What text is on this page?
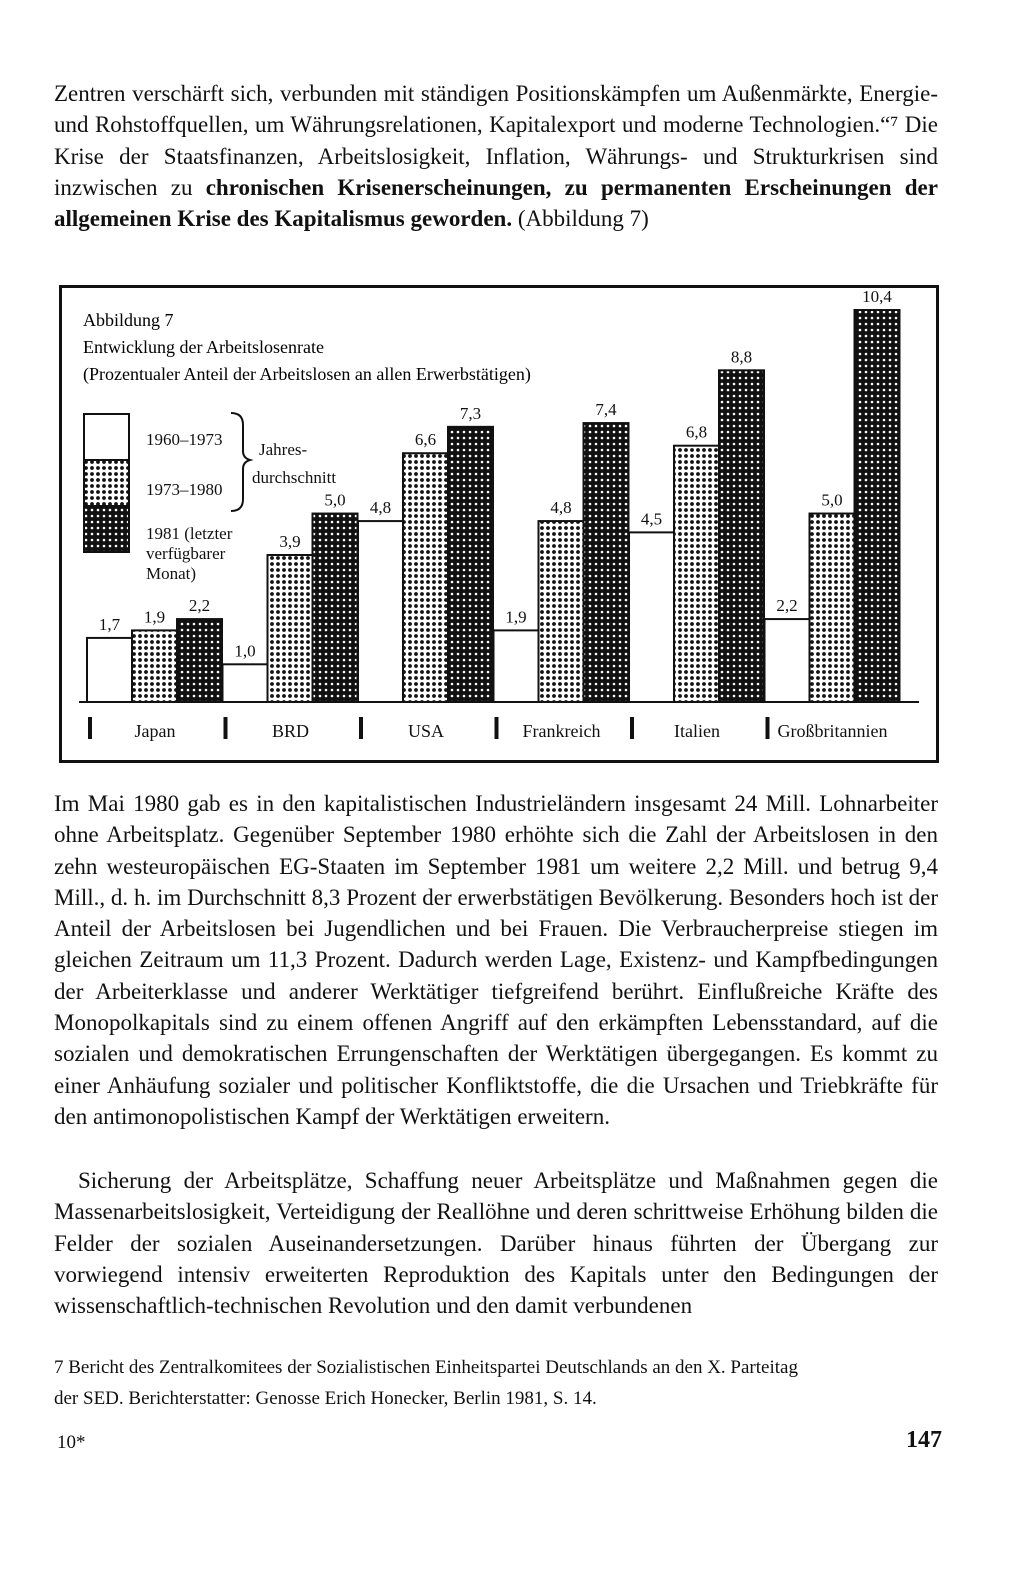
Zentren verschärft sich, verbunden mit ständigen Positionskämpfen um Außenmärkte, Energie- und Rohstoffquellen, um Währungsrelationen, Kapitalexport und moderne Technologien.“⁷ Die Krise der Staatsfinanzen, Arbeitslosigkeit, Inflation, Währungs- und Strukturkrisen sind inzwischen zu chronischen Krisenerscheinungen, zu permanenten Erscheinungen der allgemeinen Krise des Kapitalismus geworden. (Abbildung 7)

Abbildung 7
Entwicklung der Arbeitslosenrate
(Prozentualer Anteil der Arbeitslosen an allen Erwerbstätigen)
1960–1973
1973–1980
1981 (letzter
verfügbarer
Monat)
Jahres-
durchschnitt
1,7 1,9
2,2
1,0
3,9
5,0 4,8
6,6
7,3
1,9
4,8
7,4
4,5
6,8
8,8
2,2
5,0
10,4
Japan	BRD	USA	Frankreich	Italien	Großbritannien

Im Mai 1980 gab es in den kapitalistischen Industrieländern insgesamt 24 Mill. Lohnarbeiter ohne Arbeitsplatz. Gegenüber September 1980 erhöhte sich die Zahl der Arbeitslosen in den zehn westeuropäischen EG-Staaten im September 1981 um weitere 2,2 Mill. und betrug 9,4 Mill., d. h. im Durchschnitt 8,3 Prozent der erwerbstätigen Bevölkerung. Besonders hoch ist der Anteil der Arbeitslosen bei Jugendlichen und bei Frauen. Die Verbraucherpreise stiegen im gleichen Zeitraum um 11,3 Prozent. Dadurch werden Lage, Existenz- und Kampfbedingungen der Arbeiterklasse und anderer Werktätiger tiefgreifend berührt. Einflußreiche Kräfte des Monopolkapitals sind zu einem offenen Angriff auf den erkämpften Lebensstandard, auf die sozialen und demokratischen Errungenschaften der Werktätigen übergegangen. Es kommt zu einer Anhäufung sozialer und politischer Konfliktstoffe, die die Ursachen und Triebkräfte für den antimonopolistischen Kampf der Werktätigen erweitern.

Sicherung der Arbeitsplätze, Schaffung neuer Arbeitsplätze und Maßnahmen gegen die Massenarbeitslosigkeit, Verteidigung der Reallöhne und deren schrittweise Erhöhung bilden die Felder der sozialen Auseinandersetzungen. Darüber hinaus führten der Übergang zur vorwiegend intensiv erweiterten Reproduktion des Kapitals unter den Bedingungen der wissenschaftlich-technischen Revolution und den damit verbundenen

7 Bericht des Zentralkomitees der Sozialistischen Einheitspartei Deutschlands an den X. Parteitag
der SED. Berichterstatter: Genosse Erich Honecker, Berlin 1981, S. 14.
10*	147
